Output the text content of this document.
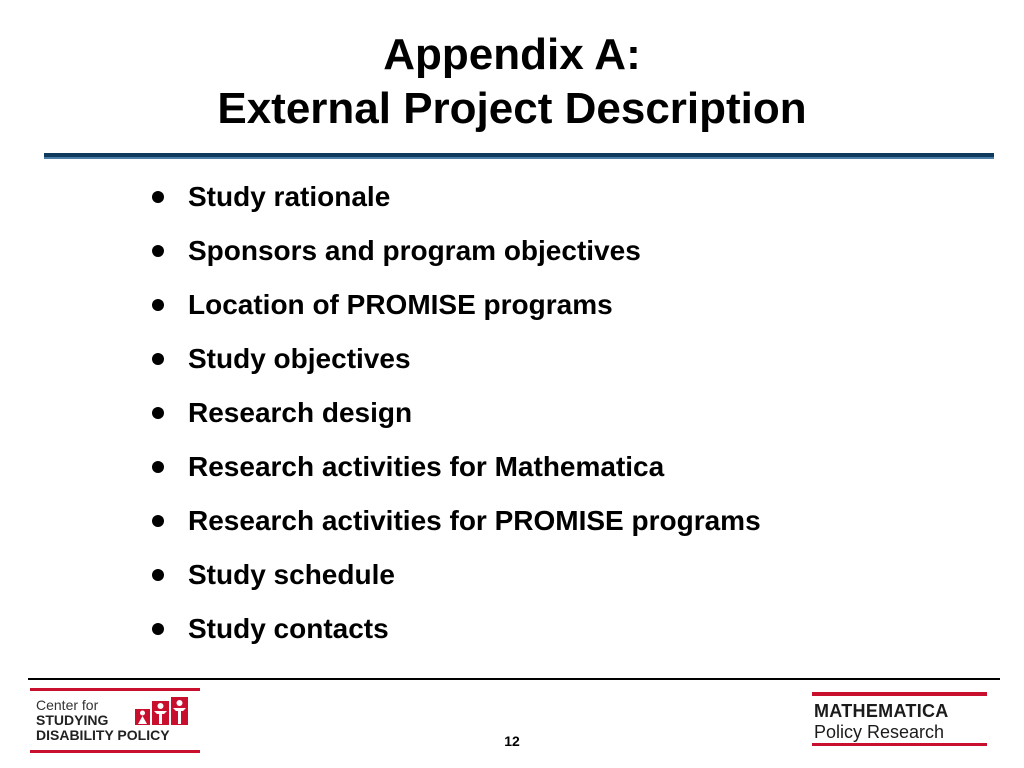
Appendix A:
External Project Description
Study rationale
Sponsors and program objectives
Location of PROMISE programs
Study objectives
Research design
Research activities for Mathematica
Research activities for PROMISE programs
Study schedule
Study contacts
Center for
STUDYING
DISABILITY POLICY	12
MATHEMATICA
Policy Research
